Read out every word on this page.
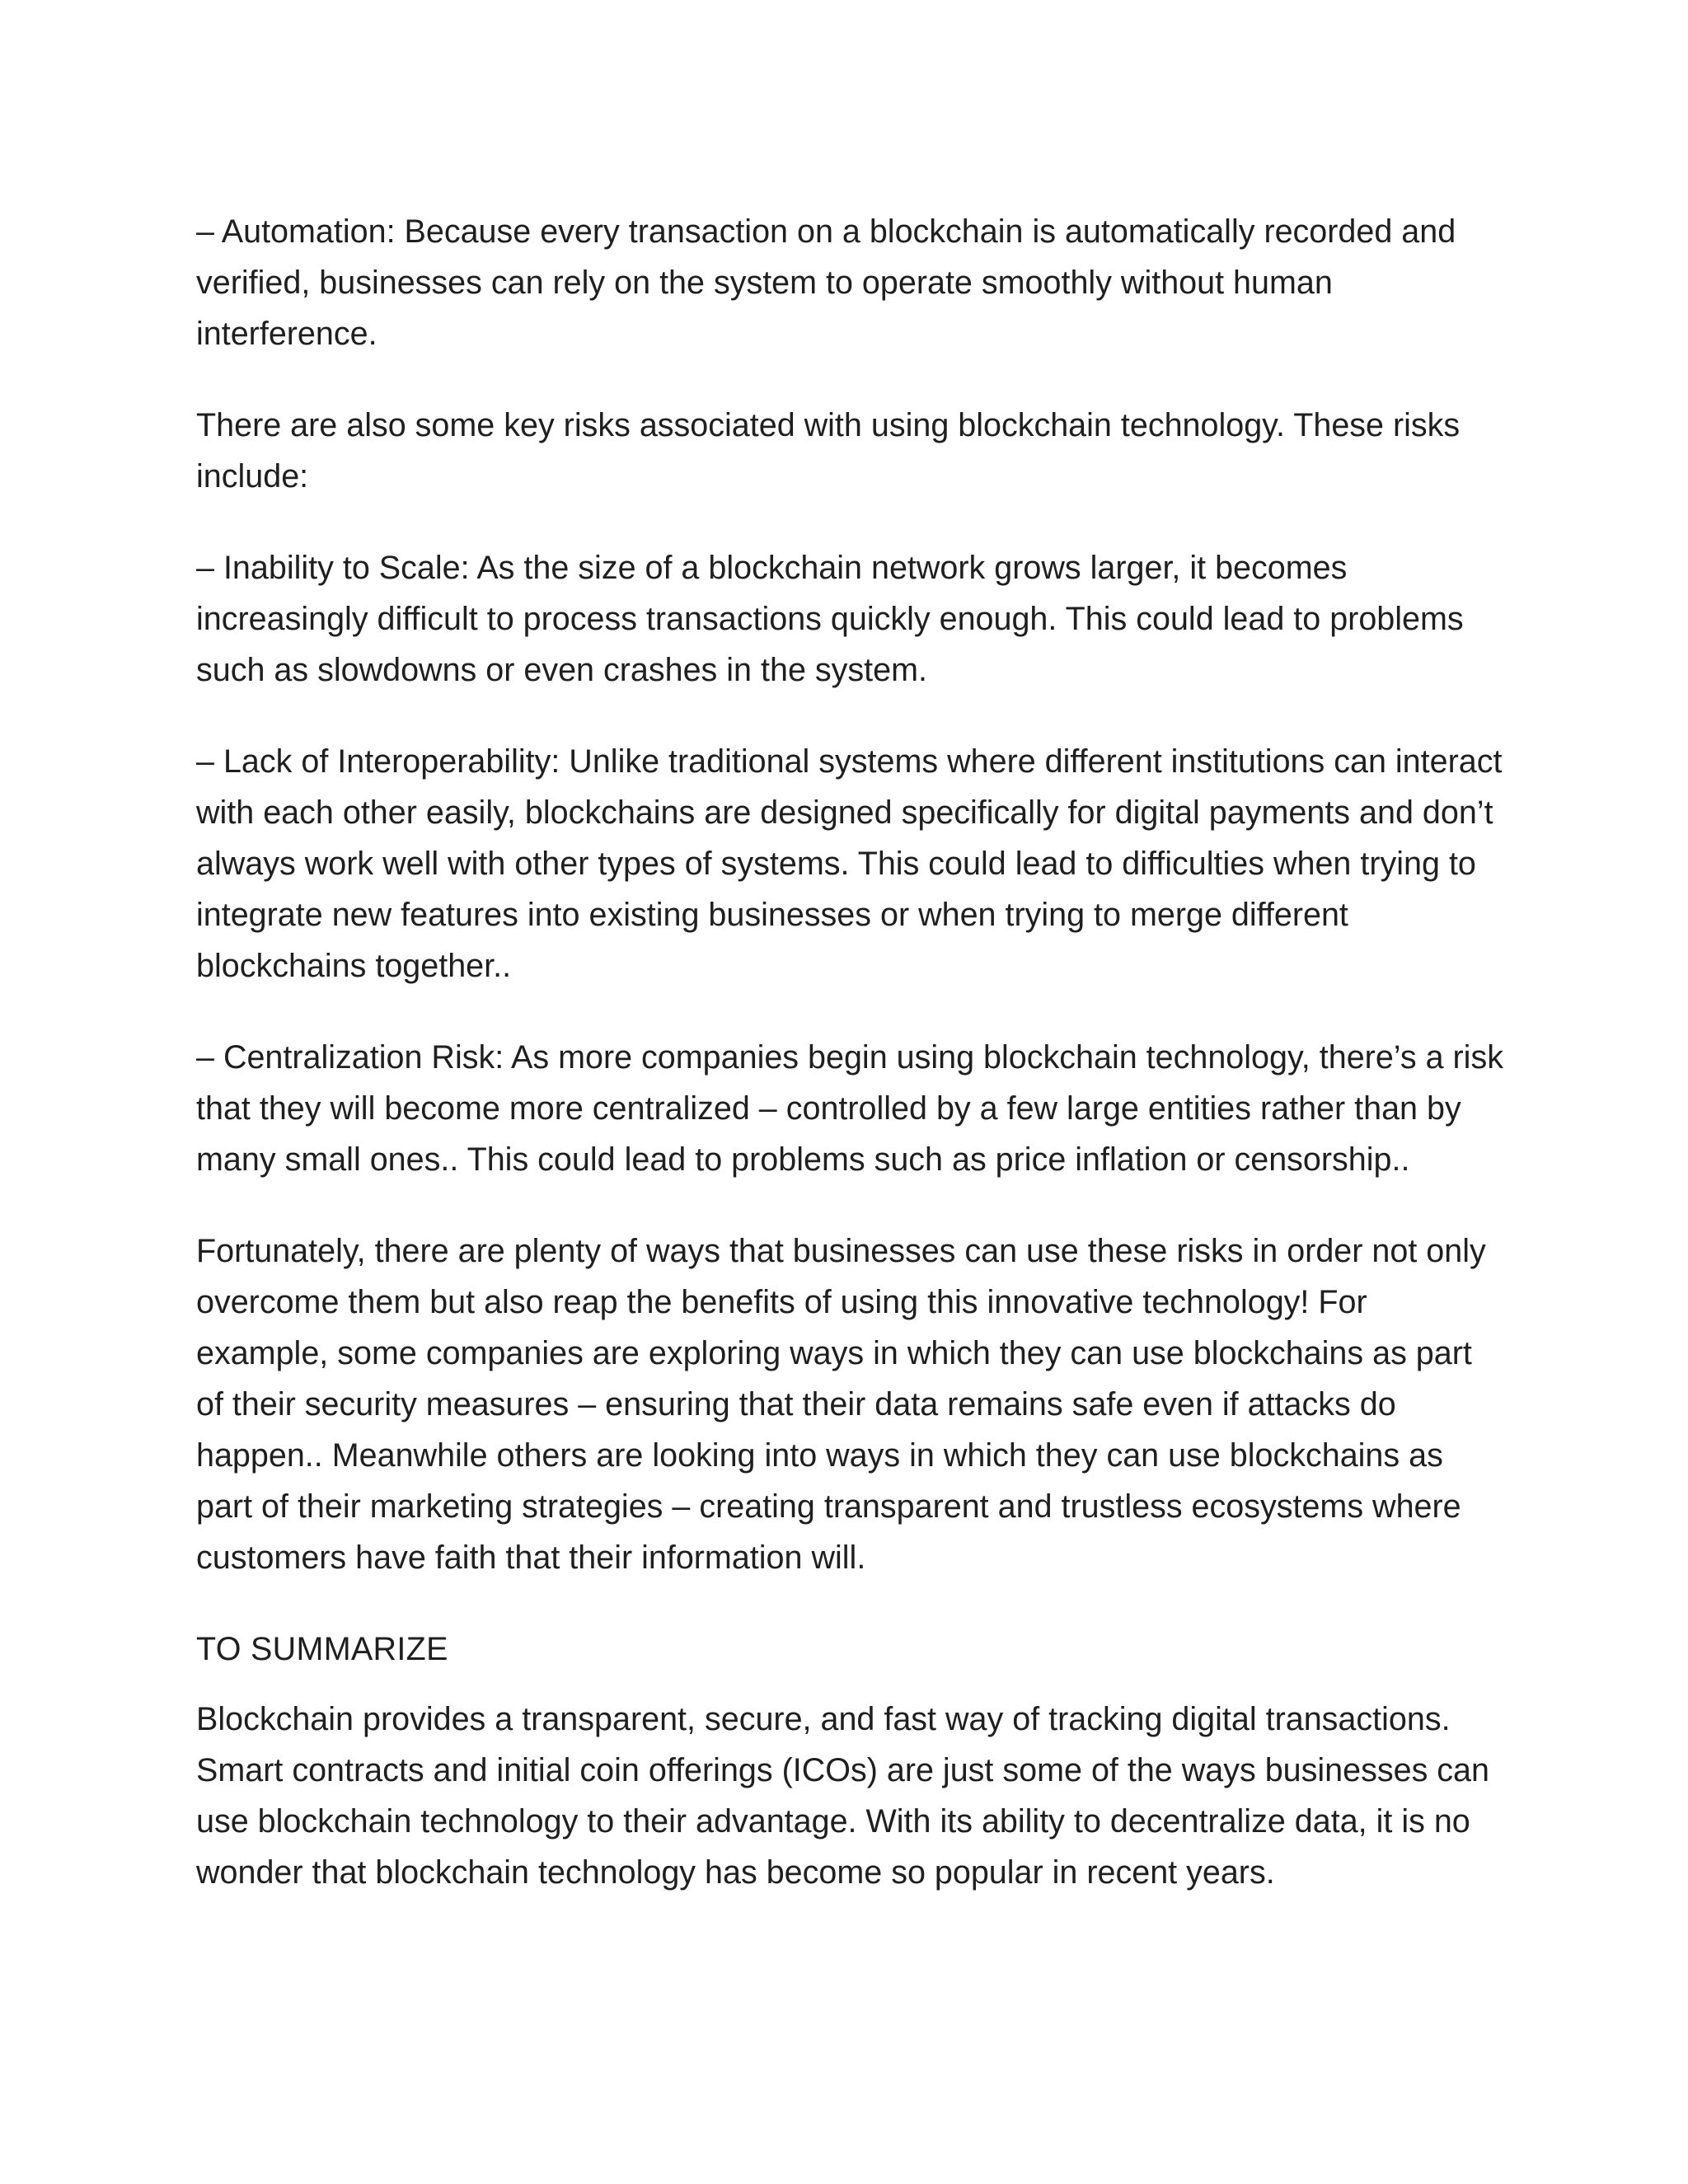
– Automation: Because every transaction on a blockchain is automatically recorded and verified, businesses can rely on the system to operate smoothly without human interference.

There are also some key risks associated with using blockchain technology. These risks include:

– Inability to Scale: As the size of a blockchain network grows larger, it becomes increasingly difficult to process transactions quickly enough. This could lead to problems such as slowdowns or even crashes in the system.

– Lack of Interoperability: Unlike traditional systems where different institutions can interact with each other easily, blockchains are designed specifically for digital payments and don’t always work well with other types of systems. This could lead to difficulties when trying to integrate new features into existing businesses or when trying to merge different blockchains together..

– Centralization Risk: As more companies begin using blockchain technology, there’s a risk that they will become more centralized – controlled by a few large entities rather than by many small ones.. This could lead to problems such as price inflation or censorship..

Fortunately, there are plenty of ways that businesses can use these risks in order not only overcome them but also reap the benefits of using this innovative technology! For example, some companies are exploring ways in which they can use blockchains as part of their security measures – ensuring that their data remains safe even if attacks do happen.. Meanwhile others are looking into ways in which they can use blockchains as part of their marketing strategies – creating transparent and trustless ecosystems where customers have faith that their information will.

TO SUMMARIZE

Blockchain provides a transparent, secure, and fast way of tracking digital transactions. Smart contracts and initial coin offerings (ICOs) are just some of the ways businesses can use blockchain technology to their advantage. With its ability to decentralize data, it is no wonder that blockchain technology has become so popular in recent years.
